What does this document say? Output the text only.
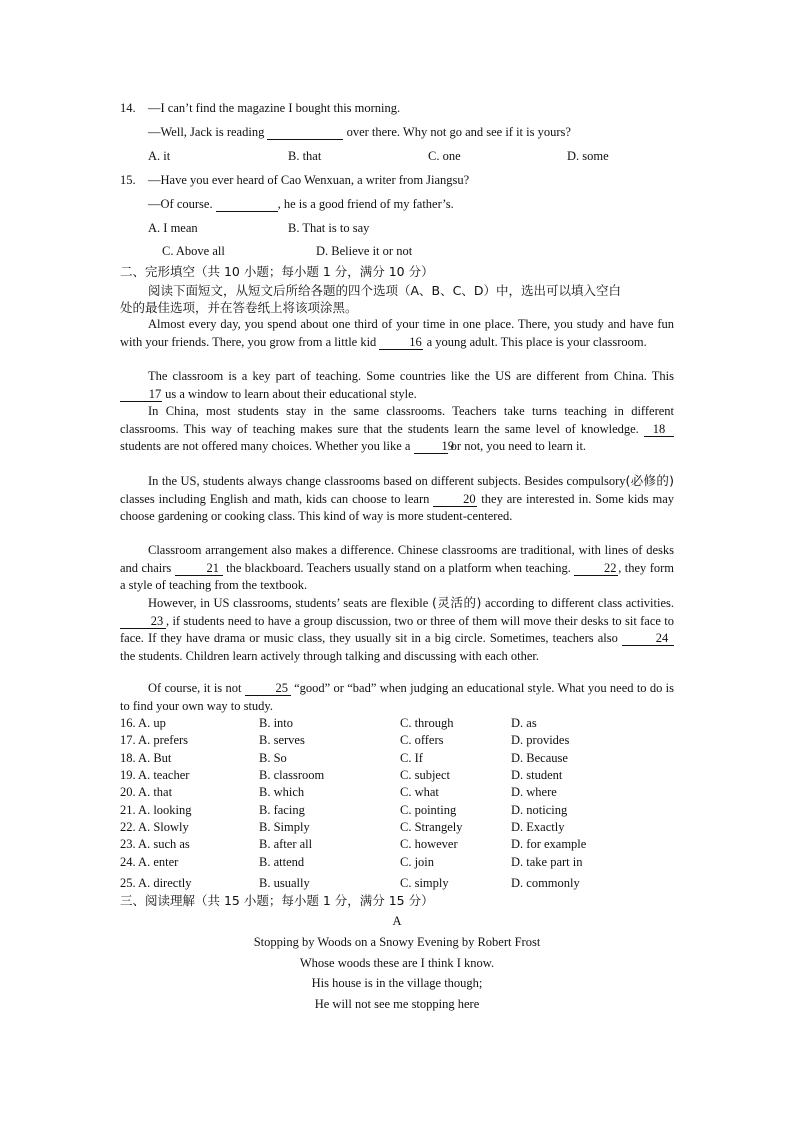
14. —I can’t find the magazine I bought this morning.
—Well, Jack is reading	over there. Why not go and see if it is yours?
A. it	B. that	C. one	D. some
15. —Have you ever heard of Cao Wenxuan, a writer from Jiangsu?
—Of course.	, he is a good friend of my father’s.
A. I mean	B. That is to say
C. Above all	D. Believe it or not
二、完形填空（共 10 小题；每小题 1 分，满分 10 分）
阅读下面短文，从短文后所给各题的四个选项（A、B、C、D）中，选出可以填入空白
处的最佳选项，并在答卷纸上将该项涂黑。
Almost every day, you spend about one third of your time in one place. There, you study and have fun with your friends. There, you grow from a little kid	16 a young adult. This place is your classroom.
The classroom is a key part of teaching. Some countries like the US are different from China. This 17 us a window to learn about their educational style.
In China, most students stay in the same classrooms. Teachers take turns teaching in different classrooms. This way of teaching makes sure that the students learn the same level of knowledge. 18 students are not offered many choices. Whether you like a 19 or not, you need to learn it.
In the US, students always change classrooms based on different subjects. Besides compulsory(必修的) classes including English and math, kids can choose to learn	20 they are interested in. Some kids may choose gardening or cooking class. This kind of way is more student-centered.
Classroom arrangement also makes a difference. Chinese classrooms are traditional, with lines of desks and chairs	21 the blackboard. Teachers usually stand on a platform when teaching.	22 , they form a style of teaching from the textbook.
However, in US classrooms, students’ seats are flexible (灵活的) according to different class activities. 23 , if students need to have a group discussion, two or three of them will move their desks to sit face to face. If they have drama or music class, they usually sit in a big circle. Sometimes, teachers also	24 the students. Children learn actively through talking and discussing with each other.
Of course, it is not	25 “good” or “bad” when judging an educational style. What you need to do is to find your own way to study.
16. A. up	B. into	C. through	D. as
17. A. prefers	B. serves	C. offers	D. provides
18. A. But	B. So	C. If	D. Because
19. A. teacher	B. classroom	C. subject	D. student
20. A. that	B. which	C. what	D. where
21. A. looking	B. facing	C. pointing	D. noticing
22. A. Slowly	B. Simply	C. Strangely	D. Exactly
23. A. such as	B. after all	C. however	D. for example
24. A. enter	B. attend	C. join	D. take part in
25. A. directly	B. usually	C. simply	D. commonly
三、阅读理解（共 15 小题；每小题 1 分，满分 15 分）
A
Stopping by Woods on a Snowy Evening by Robert Frost
Whose woods these are I think I know.
His house is in the village though;
He will not see me stopping here
